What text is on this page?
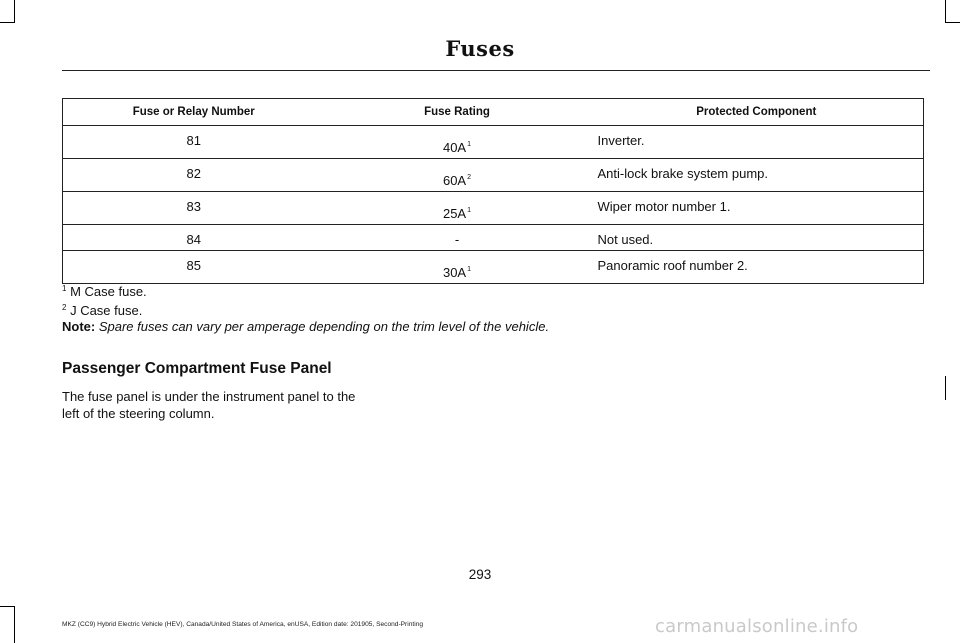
Fuses
Fuse or Relay Number	Fuse Rating	Protected Component
81	40A$^1$	Inverter.
82	60A$^2$	Anti-lock brake system pump.
83	25A$^1$	Wiper motor number 1.
84	-	Not used.
85	30A$^1$	Panoramic roof number 2.
$^1$ M Case fuse.
$^2$ J Case fuse.
Note: Spare fuses can vary per amperage depending on the trim level of the vehicle.
Passenger Compartment Fuse Panel
The fuse panel is under the instrument panel to the left of the steering column.
293
MKZ (CC9) Hybrid Electric Vehicle (HEV), Canada/United States of America, enUSA, Edition date: 201905, Second-Printing	carmanualsonline.info
